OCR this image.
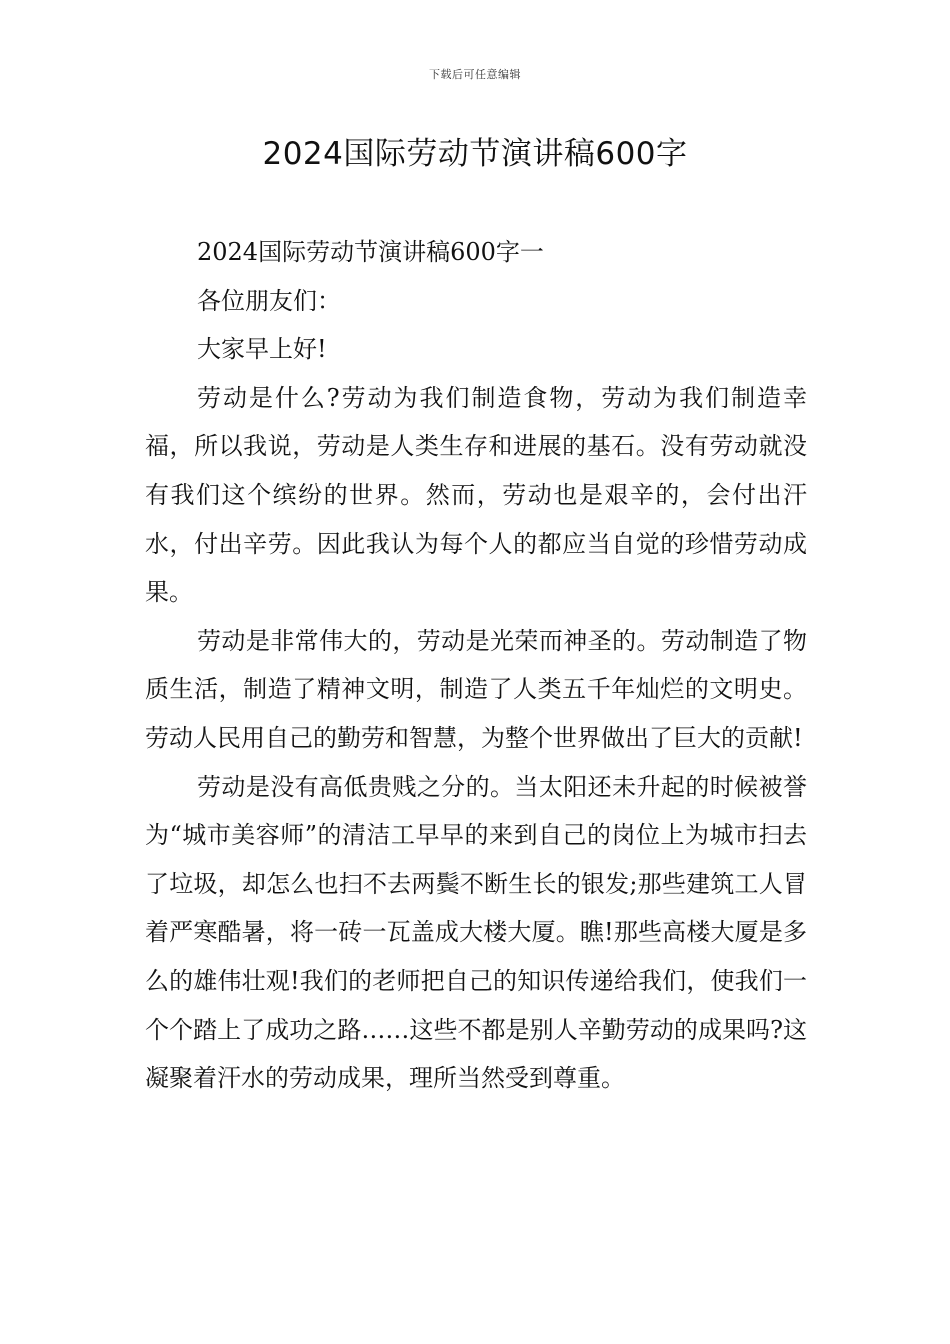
下载后可任意编辑
2024国际劳动节演讲稿600字

2024国际劳动节演讲稿600字一

各位朋友们：

大家早上好!

劳动是什么?劳动为我们制造食物，劳动为我们制造幸福，所以我说，劳动是人类生存和进展的基石。没有劳动就没有我们这个缤纷的世界。然而，劳动也是艰辛的，会付出汗水，付出辛劳。因此我认为每个人的都应当自觉的珍惜劳动成果。

劳动是非常伟大的，劳动是光荣而神圣的。劳动制造了物质生活，制造了精神文明，制造了人类五千年灿烂的文明史。劳动人民用自己的勤劳和智慧，为整个世界做出了巨大的贡献!

劳动是没有高低贵贱之分的。当太阳还未升起的时候被誉为“城市美容师”的清洁工早早的来到自己的岗位上为城市扫去了垃圾，却怎么也扫不去两鬓不断生长的银发;那些建筑工人冒着严寒酷暑，将一砖一瓦盖成大楼大厦。瞧!那些高楼大厦是多么的雄伟壮观!我们的老师把自己的知识传递给我们，使我们一个个踏上了成功之路……这些不都是别人辛勤劳动的成果吗?这凝聚着汗水的劳动成果，理所当然受到尊重。
